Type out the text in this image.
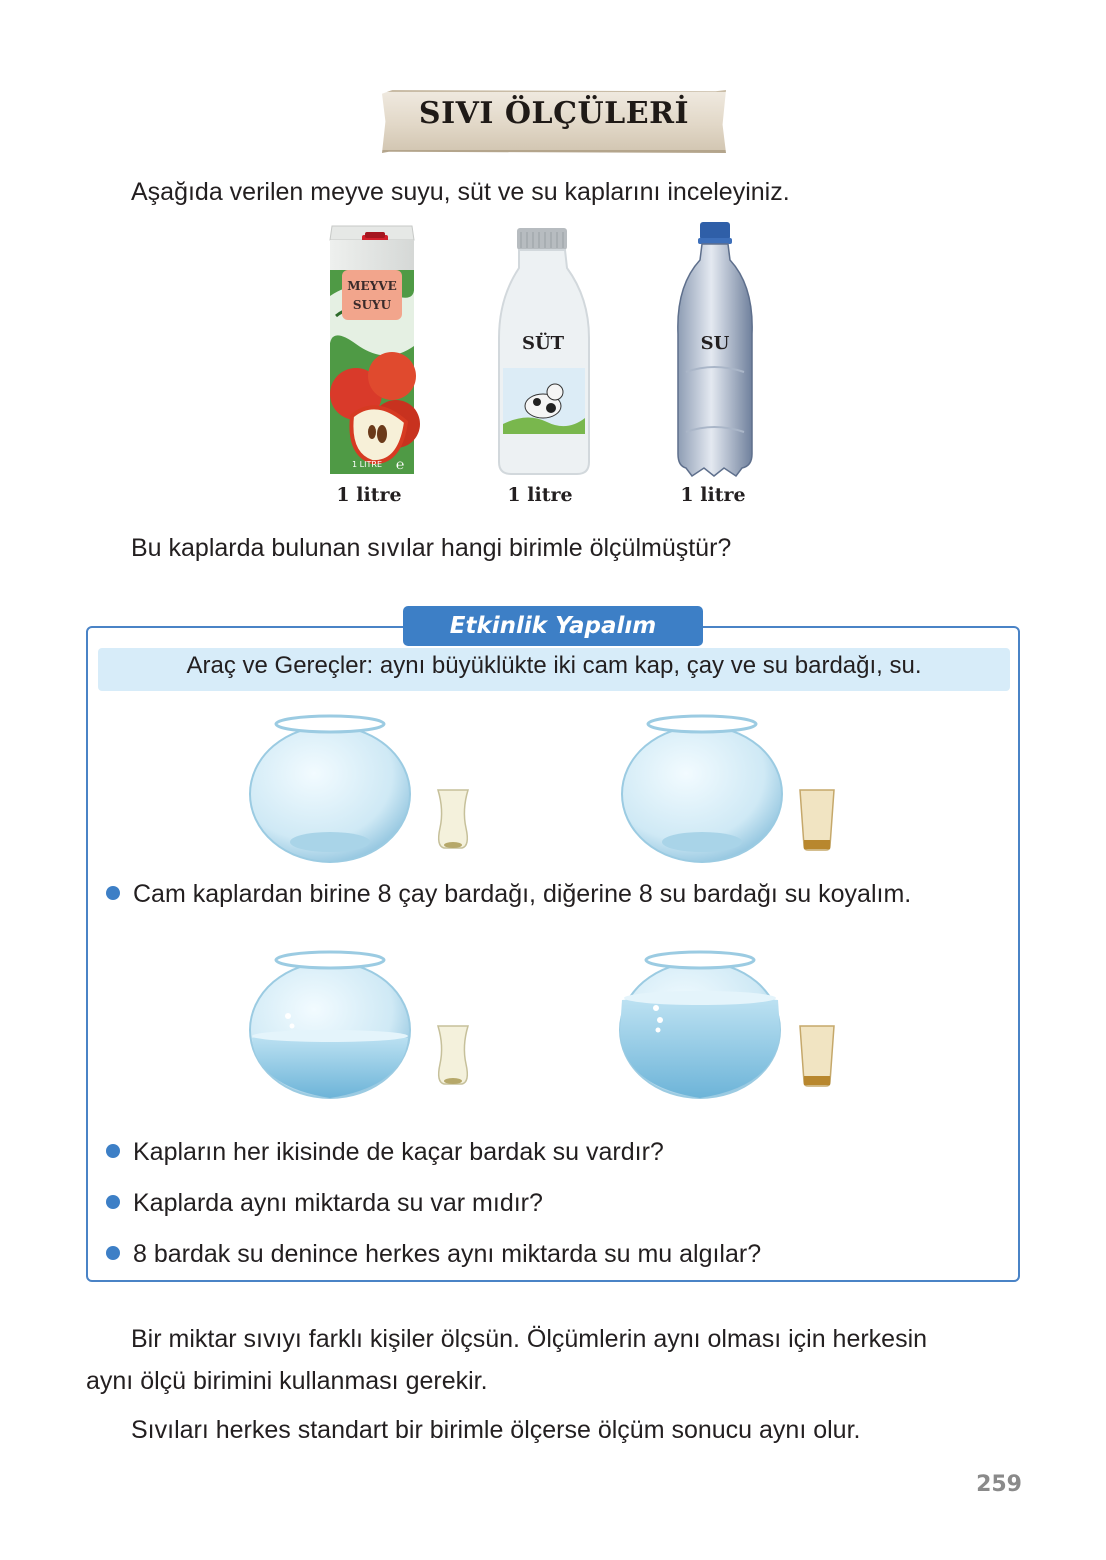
SIVI ÖLÇÜLERİ
Aşağıda verilen meyve suyu, süt ve su kaplarını inceleyiniz.
MEYVE
SUYU
1 LITRE ℮
SÜT	SU
1 litre	1 litre	1 litre
Bu kaplarda bulunan sıvılar hangi birimle ölçülmüştür?
Etkinlik Yapalım
Araç ve Gereçler: aynı büyüklükte iki cam kap, çay ve su bardağı, su.
Cam kaplardan birine 8 çay bardağı, diğerine 8 su bardağı su koyalım.
Kapların her ikisinde de kaçar bardak su vardır?
Kaplarda aynı miktarda su var mıdır?
8 bardak su denince herkes aynı miktarda su mu algılar?
Bir miktar sıvıyı farklı kişiler ölçsün. Ölçümlerin aynı olması için herkesin
aynı ölçü birimini kullanması gerekir.
Sıvıları herkes standart bir birimle ölçerse ölçüm sonucu aynı olur.
259
